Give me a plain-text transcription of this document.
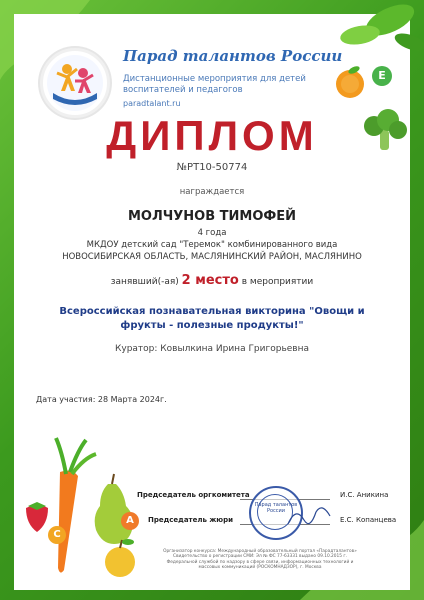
Парад талантов России
Дистанционные мероприятия для детей воспитателей и педагогов
paradtalant.ru
E
ДИПЛОМ
№PT10-50774
награждается
МОЛЧУНОВ ТИМОФЕЙ
4 года
МКДОУ детский сад "Теремок" комбинированного вида
НОВОСИБИРСКАЯ ОБЛАСТЬ, МАСЛЯНИНСКИЙ РАЙОН, МАСЛЯНИНО
занявший(-ая) 2 место в мероприятии
Всероссийская познавательная викторина "Овощи и фрукты - полезные продукты!"
Куратор: Ковылкина Ирина Григорьевна
Дата участия: 28 Марта 2024г.
A
C
Председатель оргкомитета	И.С. Аникина
Председатель жюри	Е.С. Копанцева
Парад талантов России
Организатор конкурса: Международный образовательный портал «Парадталантов» Свидетельство о регистрации СМИ: Эл № ФС 77-63331 выдано 09.10.2015 г. Федеральной службой по надзору в сфере связи, информационных технологий и массовых коммуникаций (РОСКОМНАДЗОР), г. Москва
